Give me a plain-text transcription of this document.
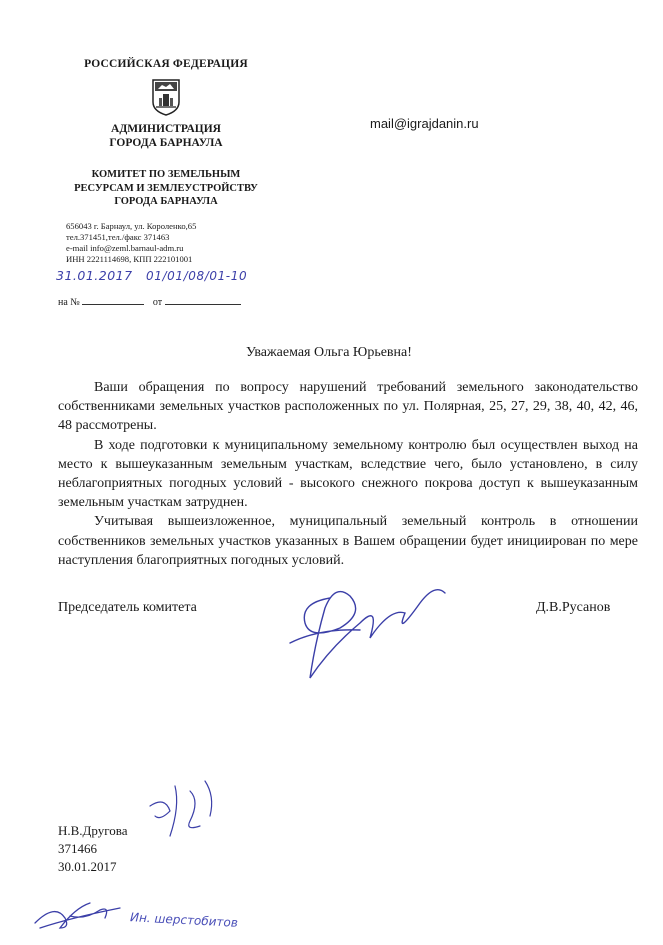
РОССИЙСКАЯ ФЕДЕРАЦИЯ
АДМИНИСТРАЦИЯ
ГОРОДА БАРНАУЛА
КОМИТЕТ ПО ЗЕМЕЛЬНЫМ
РЕСУРСАМ И ЗЕМЛЕУСТРОЙСТВУ
ГОРОДА БАРНАУЛА
656043 г. Барнаул, ул. Короленко,65
тел.371451,тел./факс 371463
e-mail info@zeml.barnaul-adm.ru
ИНН 2221114698, КПП 222101001
31.01.2017 01/01/08/01-10
на №	от
mail@igrajdanin.ru
Уважаемая Ольга Юрьевна!

Ваши обращения по вопросу нарушений требований земельного законодательство собственниками земельных участков расположенных по ул. Полярная, 25, 27, 29, 38, 40, 42, 46, 48 рассмотрены.

В ходе подготовки к муниципальному земельному контролю был осуществлен выход на место к вышеуказанным земельным участкам, вследствие чего, было установлено, в силу неблагоприятных погодных условий - высокого снежного покрова доступ к вышеуказанным земельным участкам затруднен.

Учитывая вышеизложенное, муниципальный земельный контроль в отношении собственников земельных участков указанных в Вашем обращении будет инициирован по мере наступления благоприятных погодных условий.

Председатель комитета	Д.В.Русанов
Н.В.Другова
371466
30.01.2017
Ин. шерстобитов
